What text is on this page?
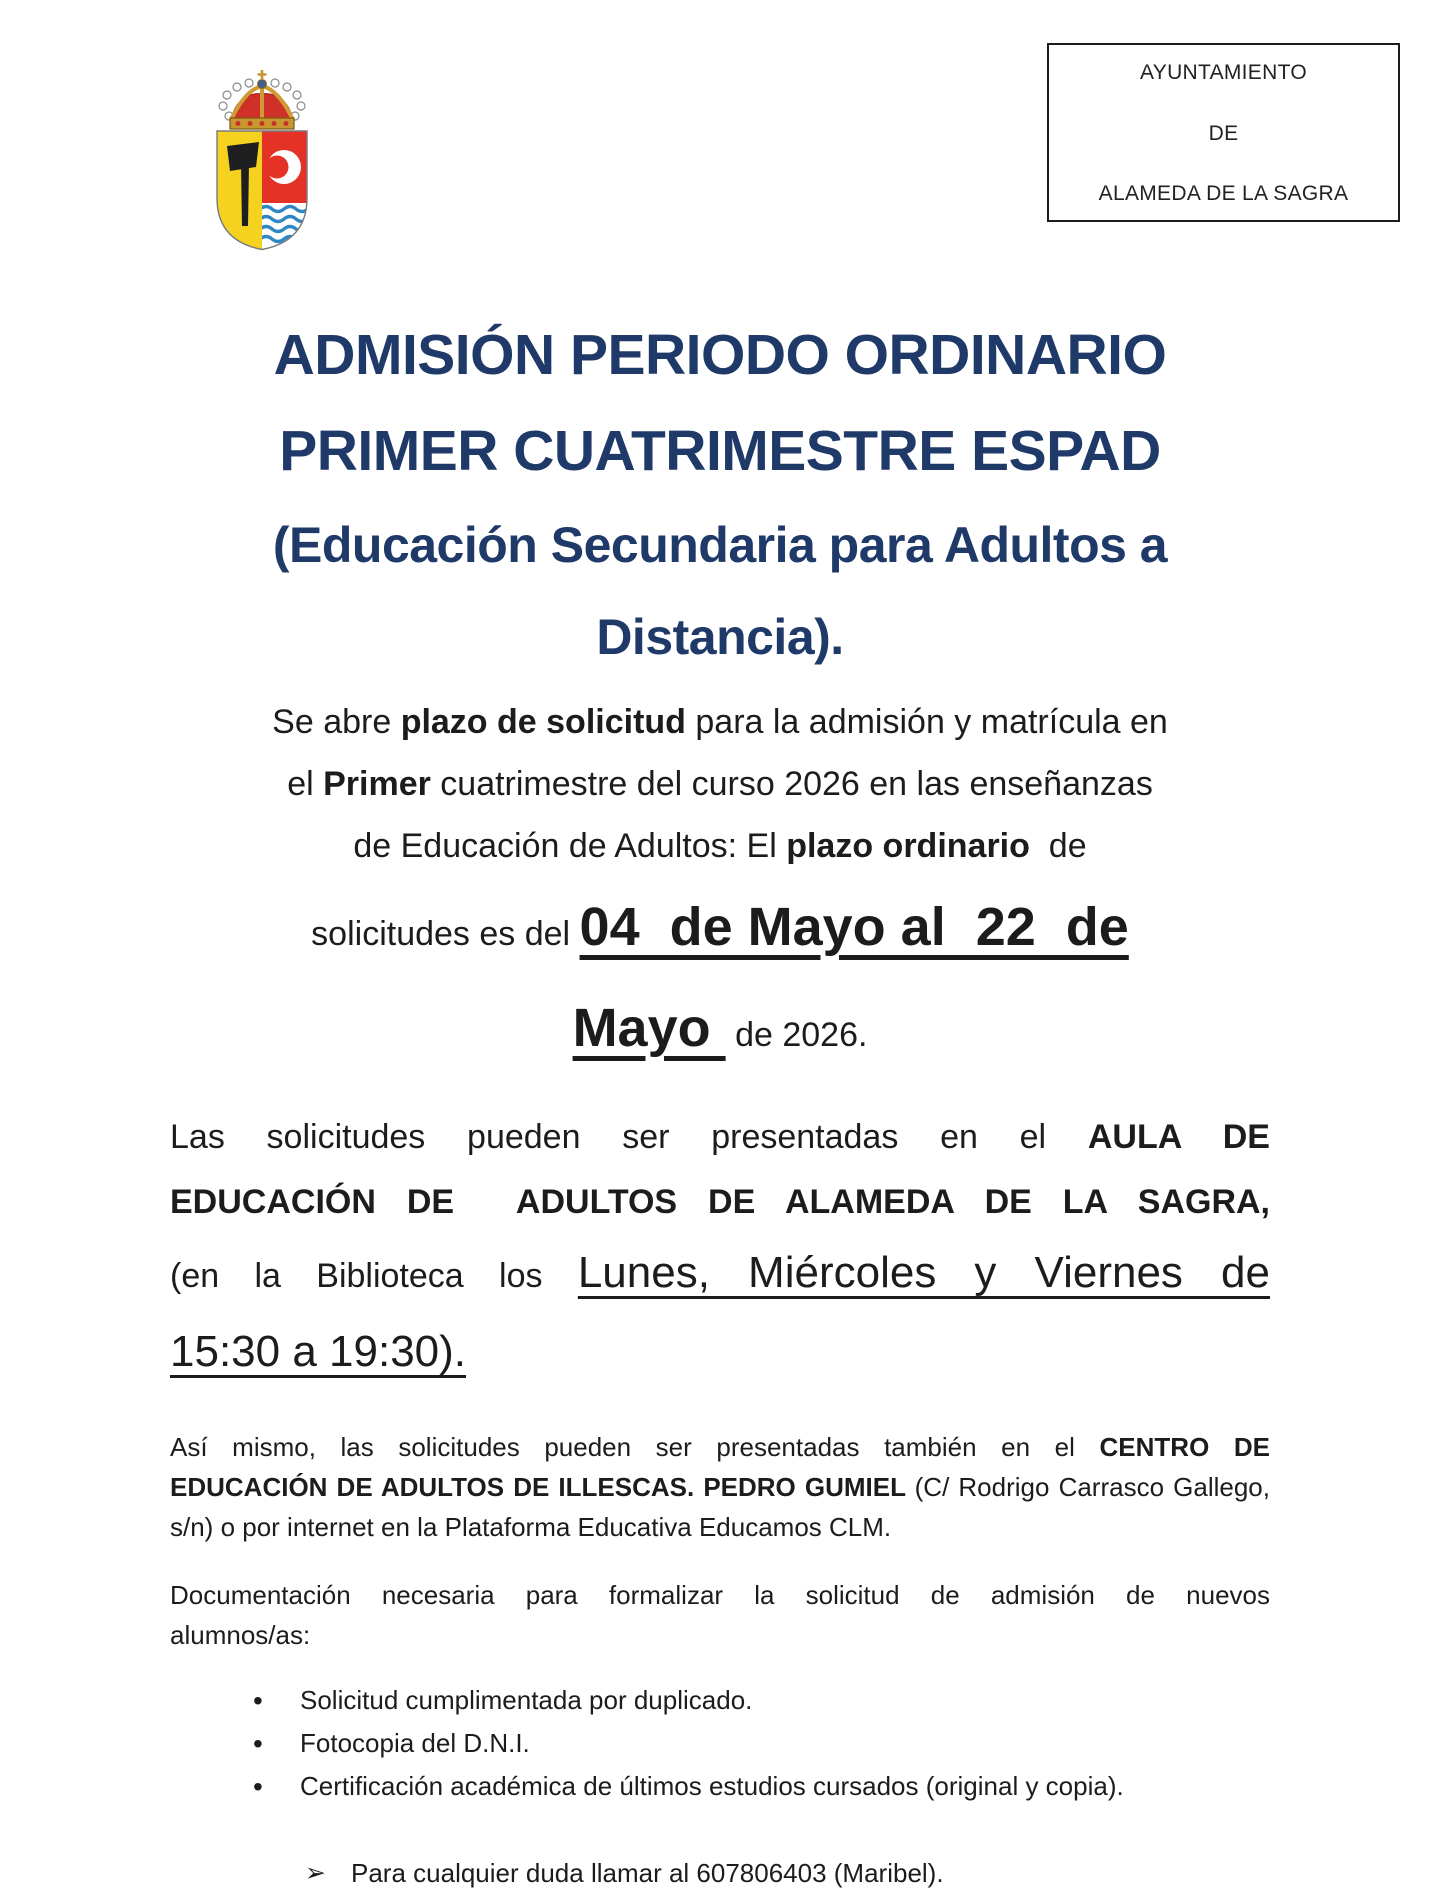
AYUNTAMIENTO
DE
ALAMEDA DE LA SAGRA
ADMISIÓN PERIODO ORDINARIO
PRIMER CUATRIMESTRE ESPAD
(Educación Secundaria para Adultos a
Distancia).
Se abre plazo de solicitud para la admisión y matrícula en
el Primer cuatrimestre del curso 2026 en las enseñanzas
de Educación de Adultos: El plazo ordinario  de
solicitudes es del 04  de Mayo al  22  de
Mayo  de 2026.
Las solicitudes pueden ser presentadas en el AULA DE
EDUCACIÓN DE  ADULTOS DE ALAMEDA DE LA SAGRA,
(en la Biblioteca los Lunes, Miércoles y Viernes de
15:30 a 19:30).
Así mismo, las solicitudes pueden ser presentadas también en el CENTRO DE
EDUCACIÓN DE ADULTOS DE ILLESCAS. PEDRO GUMIEL (C/ Rodrigo Carrasco Gallego,
s/n) o por internet en la Plataforma Educativa Educamos CLM.
Documentación necesaria para formalizar la solicitud de admisión de nuevos
alumnos/as:
•	Solicitud cumplimentada por duplicado.
•	Fotocopia del D.N.I.
•	Certificación académica de últimos estudios cursados (original y copia).
➢ Para cualquier duda llamar al 607806403 (Maribel).
